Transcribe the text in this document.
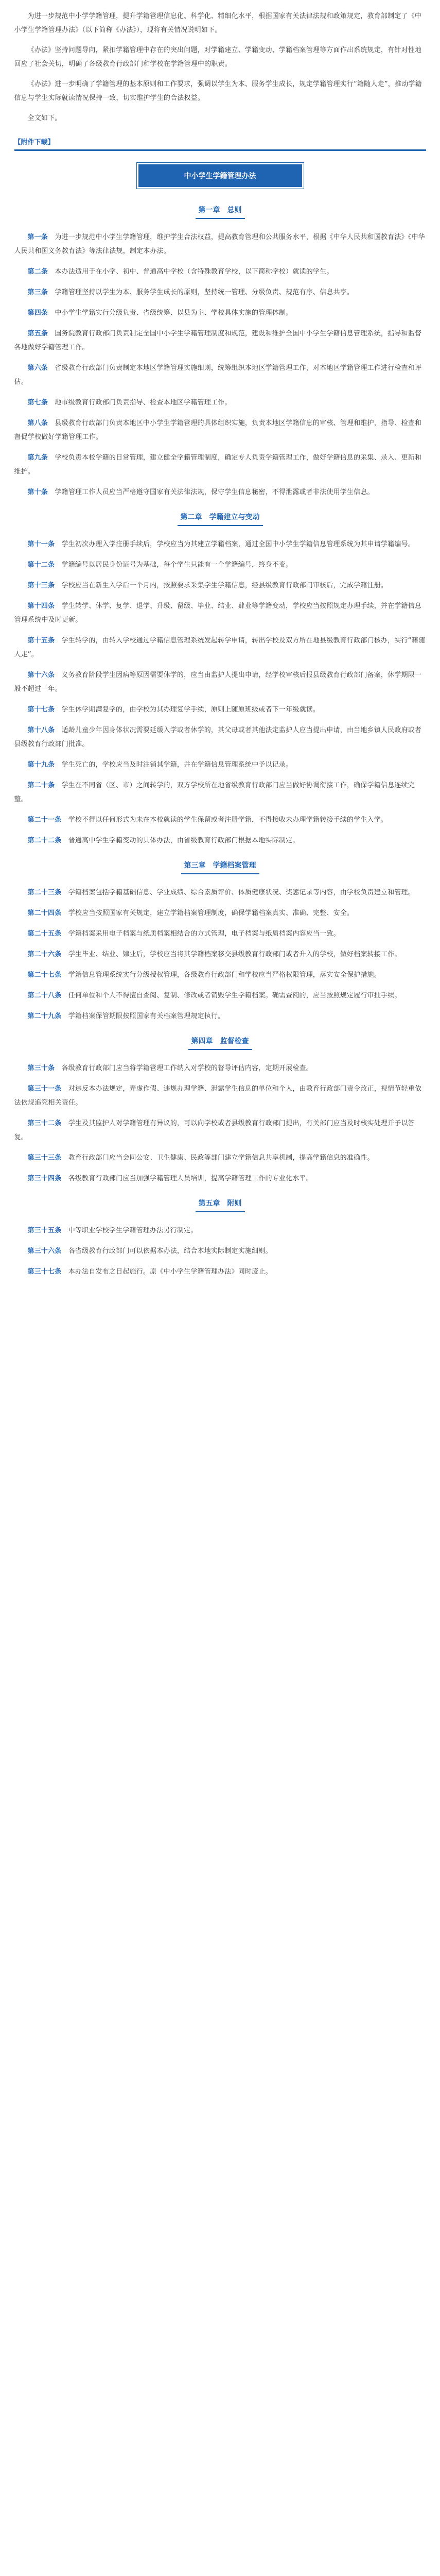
为进一步规范中小学学籍管理，提升学籍管理信息化、科学化、精细化水平，根据国家有关法律法规和政策规定，教育部制定了《中小学生学籍管理办法》（以下简称《办法》），现将有关情况说明如下。

《办法》坚持问题导向，紧扣学籍管理中存在的突出问题，对学籍建立、学籍变动、学籍档案管理等方面作出系统规定，有针对性地回应了社会关切，明确了各级教育行政部门和学校在学籍管理中的职责。

《办法》进一步明确了学籍管理的基本原则和工作要求，强调以学生为本、服务学生成长，规定学籍管理实行“籍随人走”，推动学籍信息与学生实际就读情况保持一致，切实维护学生的合法权益。

全文如下。

【附件下载】
中小学生学籍管理办法
第一章　总则

第一条　 为进一步规范中小学生学籍管理，维护学生合法权益，提高教育管理和公共服务水平，根据《中华人民共和国教育法》《中华人民共和国义务教育法》等法律法规，制定本办法。

第二条　 本办法适用于在小学、初中、普通高中学校（含特殊教育学校，以下简称学校）就读的学生。

第三条　 学籍管理坚持以学生为本、服务学生成长的原则，坚持统一管理、分级负责、规范有序、信息共享。

第四条　 中小学生学籍实行分级负责、省级统筹、以县为主、学校具体实施的管理体制。

第五条　 国务院教育行政部门负责制定全国中小学生学籍管理制度和规范，建设和维护全国中小学生学籍信息管理系统，指导和监督各地做好学籍管理工作。

第六条　 省级教育行政部门负责制定本地区学籍管理实施细则，统筹组织本地区学籍管理工作，对本地区学籍管理工作进行检查和评估。

第七条　 地市级教育行政部门负责指导、检查本地区学籍管理工作。

第八条　 县级教育行政部门负责本地区中小学生学籍管理的具体组织实施，负责本地区学籍信息的审核、管理和维护，指导、检查和督促学校做好学籍管理工作。

第九条　 学校负责本校学籍的日常管理，建立健全学籍管理制度，确定专人负责学籍管理工作，做好学籍信息的采集、录入、更新和维护。

第十条　 学籍管理工作人员应当严格遵守国家有关法律法规，保守学生信息秘密，不得泄露或者非法使用学生信息。

第二章　学籍建立与变动

第十一条　 学生初次办理入学注册手续后，学校应当为其建立学籍档案，通过全国中小学生学籍信息管理系统为其申请学籍编号。

第十二条　 学籍编号以居民身份证号为基础，每个学生只能有一个学籍编号，终身不变。

第十三条　 学校应当在新生入学后一个月内，按照要求采集学生学籍信息，经县级教育行政部门审核后，完成学籍注册。

第十四条　 学生转学、休学、复学、退学、升级、留级、毕业、结业、肄业等学籍变动，学校应当按照规定办理手续，并在学籍信息管理系统中及时更新。

第十五条　 学生转学的，由转入学校通过学籍信息管理系统发起转学申请，转出学校及双方所在地县级教育行政部门核办，实行“籍随人走”。

第十六条　 义务教育阶段学生因病等原因需要休学的，应当由监护人提出申请，经学校审核后报县级教育行政部门备案，休学期限一般不超过一年。

第十七条　 学生休学期满复学的，由学校为其办理复学手续，原则上随原班级或者下一年级就读。

第十八条　 适龄儿童少年因身体状况需要延缓入学或者休学的，其父母或者其他法定监护人应当提出申请，由当地乡镇人民政府或者县级教育行政部门批准。

第十九条　 学生死亡的，学校应当及时注销其学籍，并在学籍信息管理系统中予以记录。

第二十条　 学生在不同省（区、市）之间转学的，双方学校所在地省级教育行政部门应当做好协调衔接工作，确保学籍信息连续完整。

第二十一条　 学校不得以任何形式为未在本校就读的学生保留或者注册学籍，不得接收未办理学籍转接手续的学生入学。

第二十二条　 普通高中学生学籍变动的具体办法，由省级教育行政部门根据本地实际制定。

第三章　学籍档案管理

第二十三条　 学籍档案包括学籍基础信息、学业成绩、综合素质评价、体质健康状况、奖惩记录等内容，由学校负责建立和管理。

第二十四条　 学校应当按照国家有关规定，建立学籍档案管理制度，确保学籍档案真实、准确、完整、安全。

第二十五条　 学籍档案采用电子档案与纸质档案相结合的方式管理，电子档案与纸质档案内容应当一致。

第二十六条　 学生毕业、结业、肄业后，学校应当将其学籍档案移交县级教育行政部门或者升入的学校，做好档案转接工作。

第二十七条　 学籍信息管理系统实行分级授权管理，各级教育行政部门和学校应当严格权限管理，落实安全保护措施。

第二十八条　 任何单位和个人不得擅自查阅、复制、修改或者销毁学生学籍档案。确需查阅的，应当按照规定履行审批手续。

第二十九条　 学籍档案保管期限按照国家有关档案管理规定执行。

第四章　监督检查

第三十条　 各级教育行政部门应当将学籍管理工作纳入对学校的督导评估内容，定期开展检查。

第三十一条　 对违反本办法规定，弄虚作假、违规办理学籍、泄露学生信息的单位和个人，由教育行政部门责令改正，视情节轻重依法依规追究相关责任。

第三十二条　 学生及其监护人对学籍管理有异议的，可以向学校或者县级教育行政部门提出，有关部门应当及时核实处理并予以答复。

第三十三条　 教育行政部门应当会同公安、卫生健康、民政等部门建立学籍信息共享机制，提高学籍信息的准确性。

第三十四条　 各级教育行政部门应当加强学籍管理人员培训，提高学籍管理工作的专业化水平。

第五章　附则

第三十五条　 中等职业学校学生学籍管理办法另行制定。

第三十六条　 各省级教育行政部门可以依据本办法，结合本地实际制定实施细则。

第三十七条　 本办法自发布之日起施行。原《中小学生学籍管理办法》同时废止。
